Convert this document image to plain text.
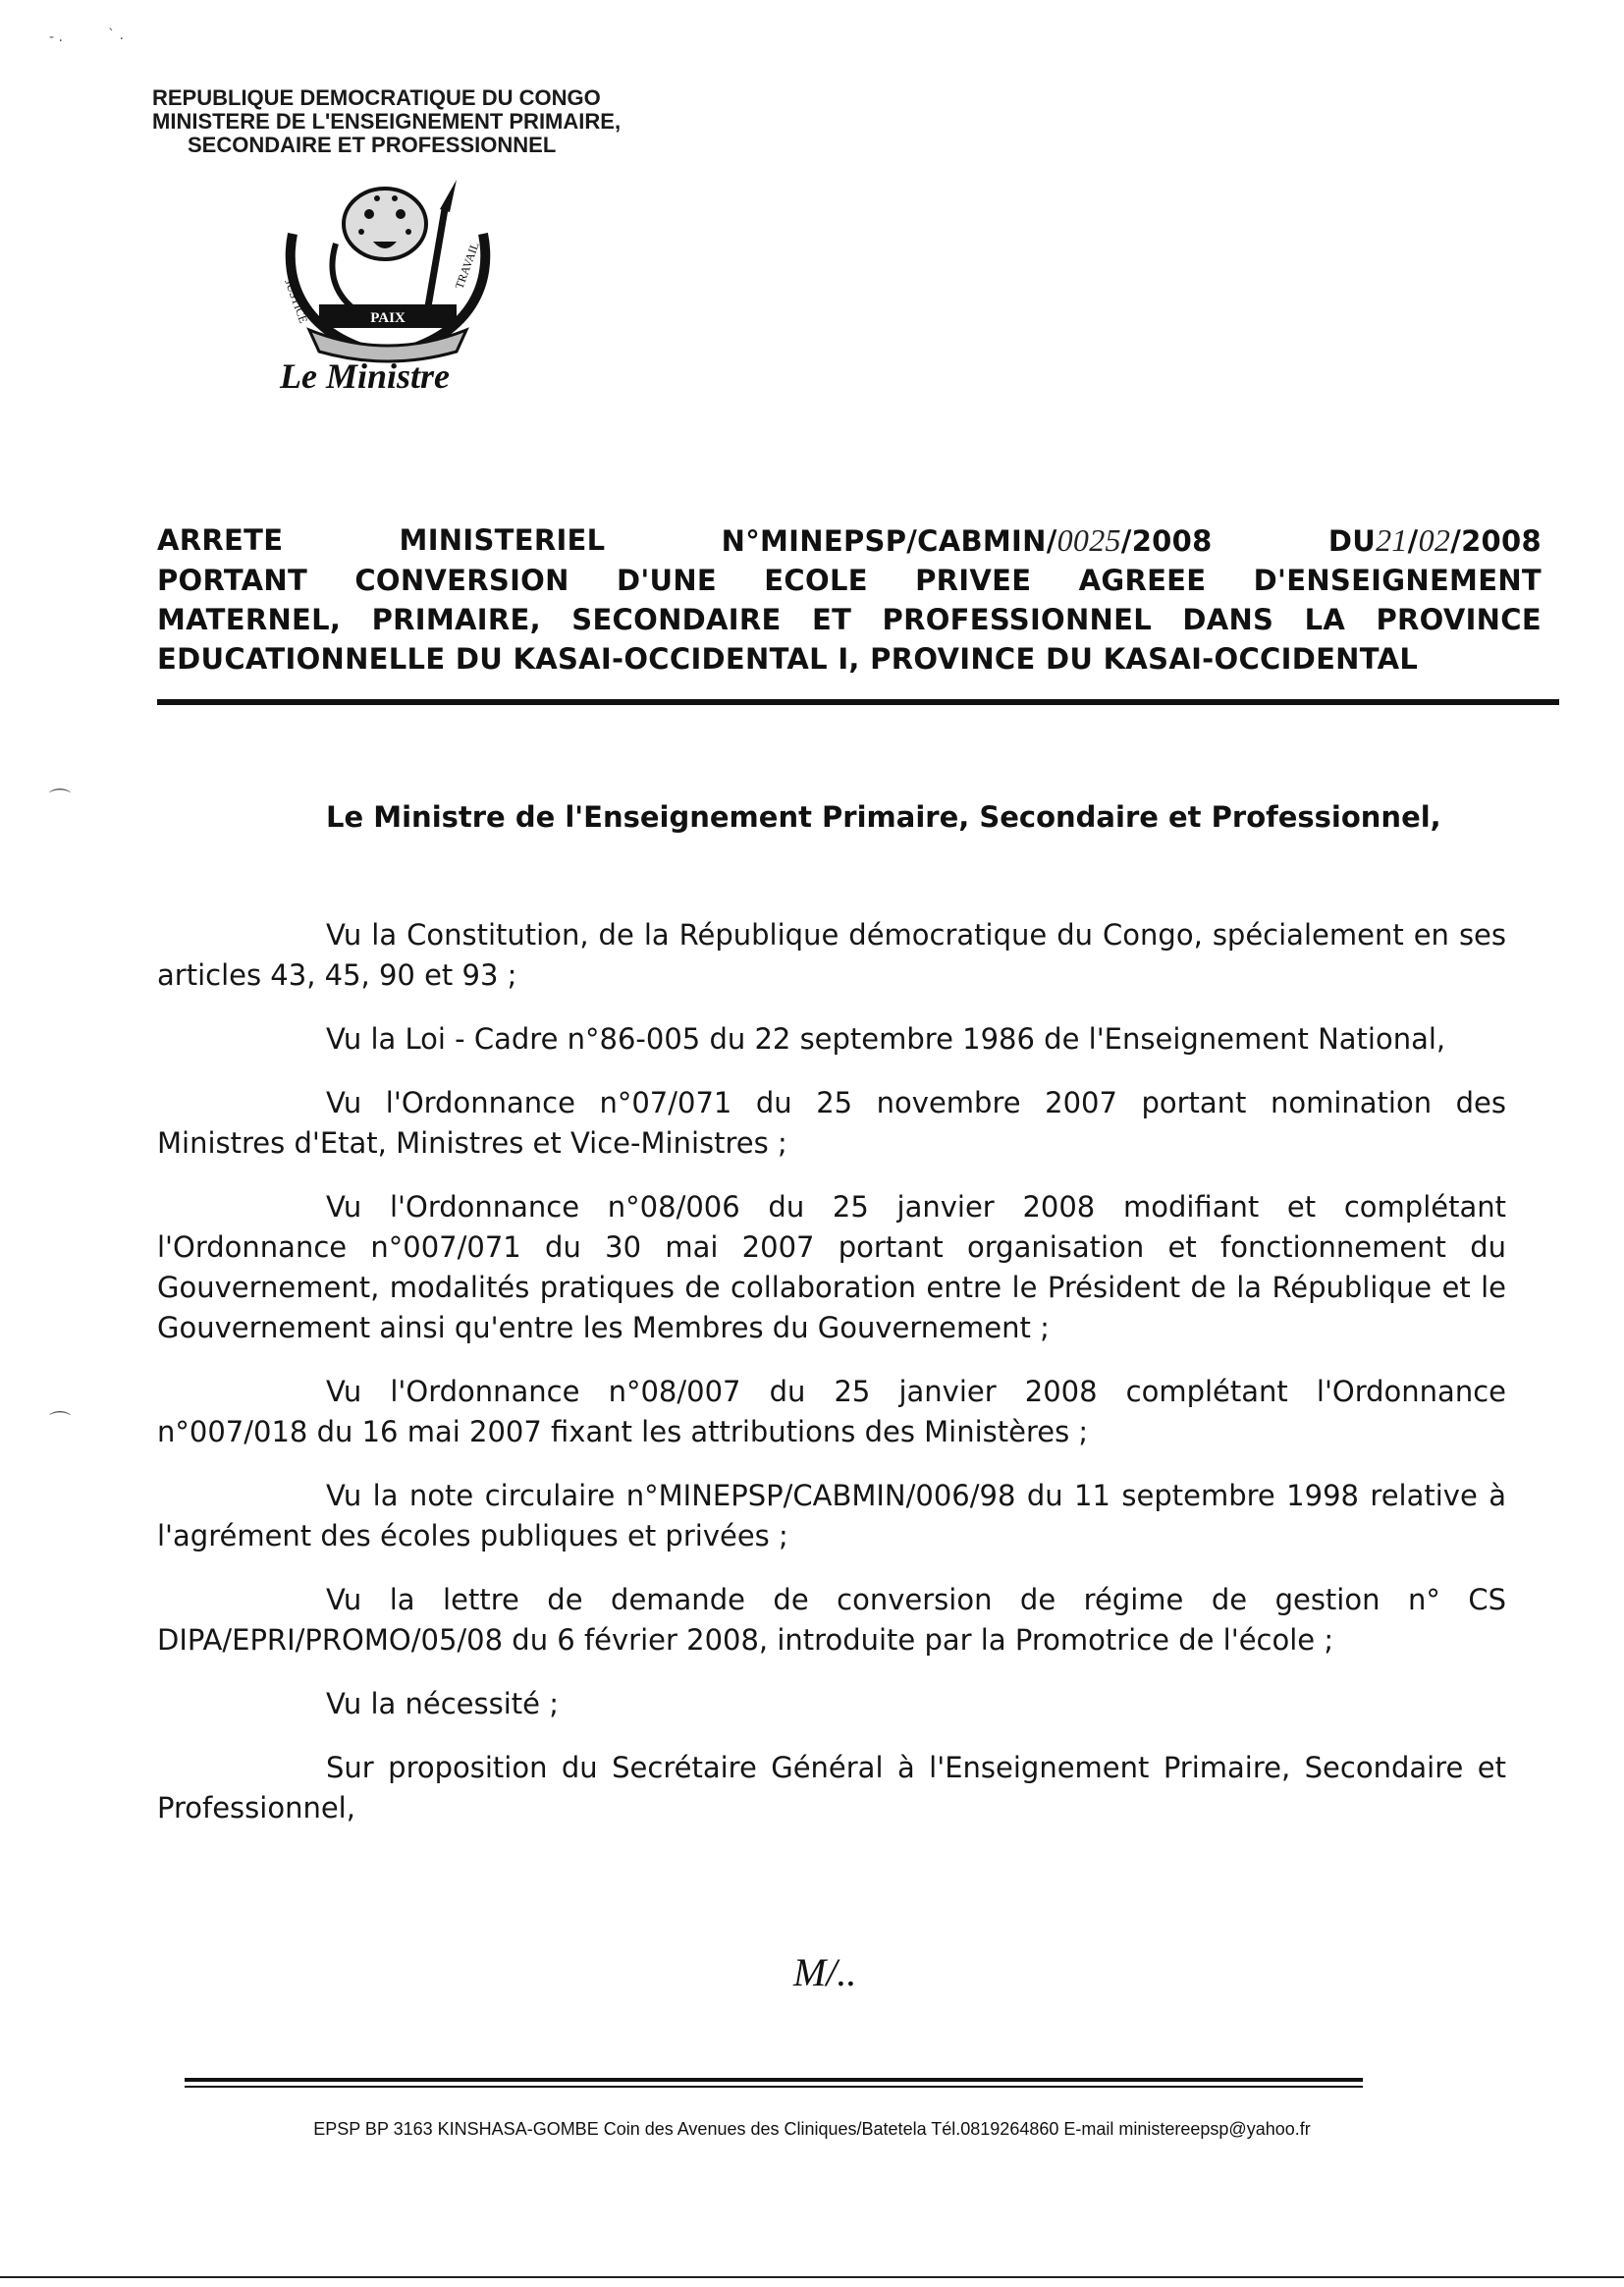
- .	` .
⌒
⌒
REPUBLIQUE DEMOCRATIQUE DU CONGO
MINISTERE DE L'ENSEIGNEMENT PRIMAIRE,
SECONDAIRE ET PROFESSIONNEL
PAIX
JUSTICE
TRAVAIL
Le Ministre
ARRETE	MINISTERIEL	N°MINEPSP/CABMIN/0025/2008	DU21/02/2008
PORTANT CONVERSION D'UNE ECOLE PRIVEE AGREEE D'ENSEIGNEMENT
MATERNEL, PRIMAIRE, SECONDAIRE ET PROFESSIONNEL DANS LA PROVINCE
EDUCATIONNELLE DU KASAI-OCCIDENTAL I, PROVINCE DU KASAI-OCCIDENTAL
Le Ministre de l'Enseignement Primaire, Secondaire et Professionnel,

Vu la Constitution, de la République démocratique du Congo, spécialement en ses articles 43, 45, 90 et 93 ;

Vu la Loi - Cadre n°86-005 du 22 septembre 1986 de l'Enseignement National,

Vu l'Ordonnance n°07/071 du 25 novembre 2007 portant nomination des Ministres d'Etat, Ministres et Vice-Ministres ;

Vu l'Ordonnance n°08/006 du 25 janvier 2008 modifiant et complétant l'Ordonnance n°007/071 du 30 mai 2007 portant organisation et fonctionnement du Gouvernement, modalités pratiques de collaboration entre le Président de la République et le Gouvernement ainsi qu'entre les Membres du Gouvernement ;

Vu l'Ordonnance n°08/007 du 25 janvier 2008 complétant l'Ordonnance n°007/018 du 16 mai 2007 fixant les attributions des Ministères ;

Vu la note circulaire n°MINEPSP/CABMIN/006/98 du 11 septembre 1998 relative à l'agrément des écoles publiques et privées ;

Vu la lettre de demande de conversion de régime de gestion n° CS DIPA/EPRI/PROMO/05/08 du 6 février 2008, introduite par la Promotrice de l'école ;

Vu la nécessité ;

Sur proposition du Secrétaire Général à l'Enseignement Primaire, Secondaire et Professionnel,

M/..
EPSP BP 3163 KINSHASA-GOMBE Coin des Avenues des Cliniques/Batetela Tél.0819264860 E-mail ministereepsp@yahoo.fr
